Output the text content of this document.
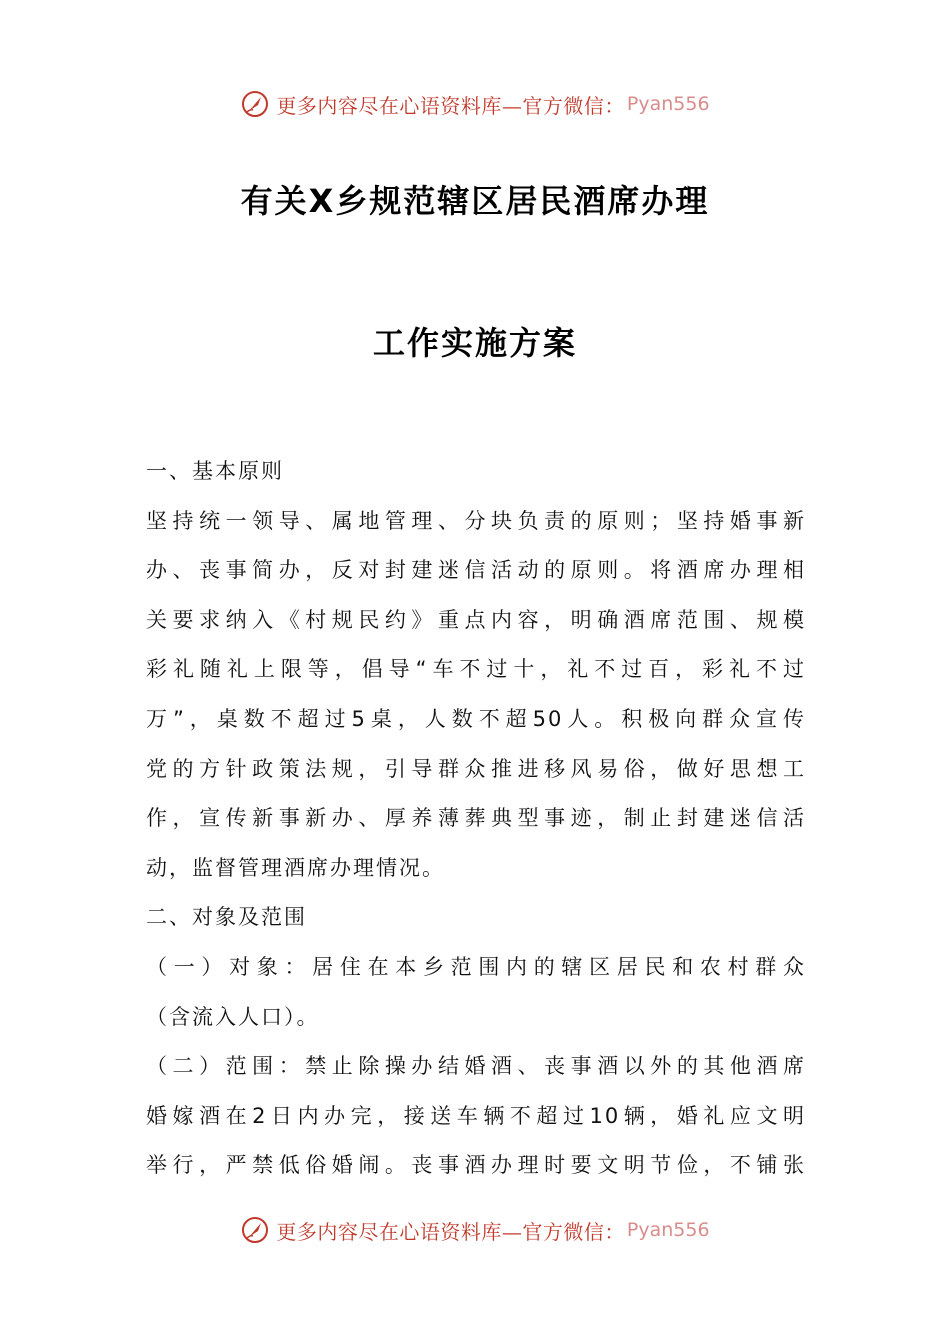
更多内容尽在心语资料库—官方微信： Pyan556
有关X乡规范辖区居民酒席办理
工作实施方案
一、基本原则
坚持统一领导、属地管理、分块负责的原则；坚持婚事新
办、丧事简办，反对封建迷信活动的原则。将酒席办理相
关要求纳入《村规民约》重点内容，明确酒席范围、规模
彩礼随礼上限等，倡导“车不过十，礼不过百，彩礼不过
万”，桌数不超过5桌，人数不超50人。积极向群众宣传
党的方针政策法规，引导群众推进移风易俗，做好思想工
作，宣传新事新办、厚养薄葬典型事迹，制止封建迷信活
动，监督管理酒席办理情况。
二、对象及范围
（一）对象：居住在本乡范围内的辖区居民和农村群众
（含流入人口）。
（二）范围：禁止除操办结婚酒、丧事酒以外的其他酒席
婚嫁酒在2日内办完，接送车辆不超过10辆，婚礼应文明
举行，严禁低俗婚闹。丧事酒办理时要文明节俭，不铺张
更多内容尽在心语资料库—官方微信： Pyan556
